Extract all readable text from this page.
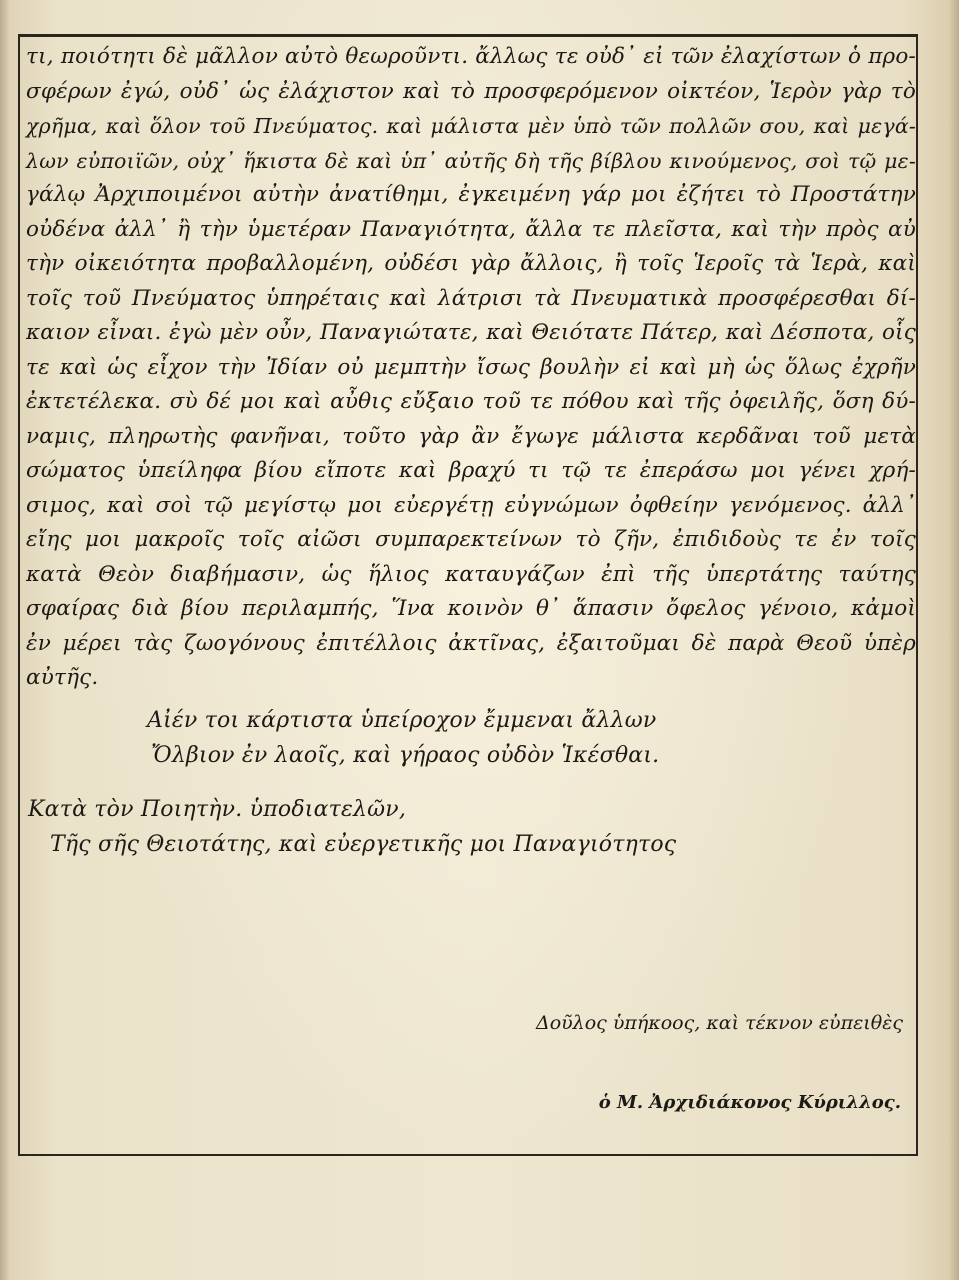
τι, ποιότητι δὲ μᾶλλον αὐτὸ θεωροῦντι. ἄλλως τε οὐδ᾽ εἰ τῶν ἐλαχίστων ὁ προ-
σφέρων ἐγώ, οὐδ᾽ ὡς ἐλάχιστον καὶ τὸ προσφερόμενον οἰκτέον, Ἱερὸν γὰρ τὸ
χρῆμα, καὶ ὅλον τοῦ Πνεύματος. καὶ μάλιστα μὲν ὑπὸ τῶν πολλῶν σου, καὶ μεγά-
λων εὐποιϊῶν, οὐχ᾽ ἥκιστα δὲ καὶ ὑπ᾽ αὐτῆς δὴ τῆς βίβλου κινούμενος, σοὶ τῷ με-
γάλῳ Ἀρχιποιμένοι αὐτὴν ἀνατίθημι, ἐγκειμένη γάρ μοι ἐζήτει τὸ Προστάτην
οὐδένα ἀλλ᾽ ἢ τὴν ὑμετέραν Παναγιότητα, ἄλλα τε πλεῖστα, καὶ τὴν πρὸς αὐ
τὴν οἰκειότητα προβαλλομένη, οὐδέσι γὰρ ἄλλοις, ἢ τοῖς Ἱεροῖς τὰ Ἱερὰ, καὶ
τοῖς τοῦ Πνεύματος ὑπηρέταις καὶ λάτρισι τὰ Πνευματικὰ προσφέρεσθαι δί-
καιον εἶναι. ἐγὼ μὲν οὖν, Παναγιώτατε, καὶ Θειότατε Πάτερ, καὶ Δέσποτα, οἷς
τε καὶ ὡς εἶχον τὴν Ἰδίαν οὐ μεμπτὴν ἴσως βουλὴν εἰ καὶ μὴ ὡς ὅλως ἐχρῆν
ἐκτετέλεκα. σὺ δέ μοι καὶ αὖθις εὔξαιο τοῦ τε πόθου καὶ τῆς ὀφειλῆς, ὅση δύ-
ναμις, πληρωτὴς φανῆναι, τοῦτο γὰρ ἂν ἔγωγε μάλιστα κερδᾶναι τοῦ μετὰ
σώματος ὑπείληφα βίου εἴποτε καὶ βραχύ τι τῷ τε ἐπεράσω μοι γένει χρή-
σιμος, καὶ σοὶ τῷ μεγίστῳ μοι εὐεργέτῃ εὐγνώμων ὀφθείην γενόμενος. ἀλλ᾽
εἴης μοι μακροῖς τοῖς αἰῶσι συμπαρεκτείνων τὸ ζῆν, ἐπιδιδοὺς τε ἐν τοῖς
κατὰ Θεὸν διαβήμασιν, ὡς ἥλιος καταυγάζων ἐπὶ τῆς ὑπερτάτης ταύτης
σφαίρας διὰ βίου περιλαμπής, Ἵνα κοινὸν θ᾽ ἅπασιν ὄφελος γένοιο, κἀμοὶ
ἐν μέρει τὰς ζωογόνους ἐπιτέλλοις ἀκτῖνας, ἐξαιτοῦμαι δὲ παρὰ Θεοῦ ὑπὲρ
αὐτῆς.
Αἰέν τοι κάρτιστα ὑπείροχον ἔμμεναι ἄλλων
Ὄλβιον ἐν λαοῖς, καὶ γήραος οὐδὸν Ἱκέσθαι.
Κατὰ τὸν Ποιητὴν. ὑποδιατελῶν,
Τῆς σῆς Θειοτάτης, καὶ εὐεργετικῆς μοι Παναγιότητος
Δοῦλος ὑπήκοος, καὶ τέκνον εὐπειθὲς
ὁ Μ. Ἀρχιδιάκονος Κύριλλος.
